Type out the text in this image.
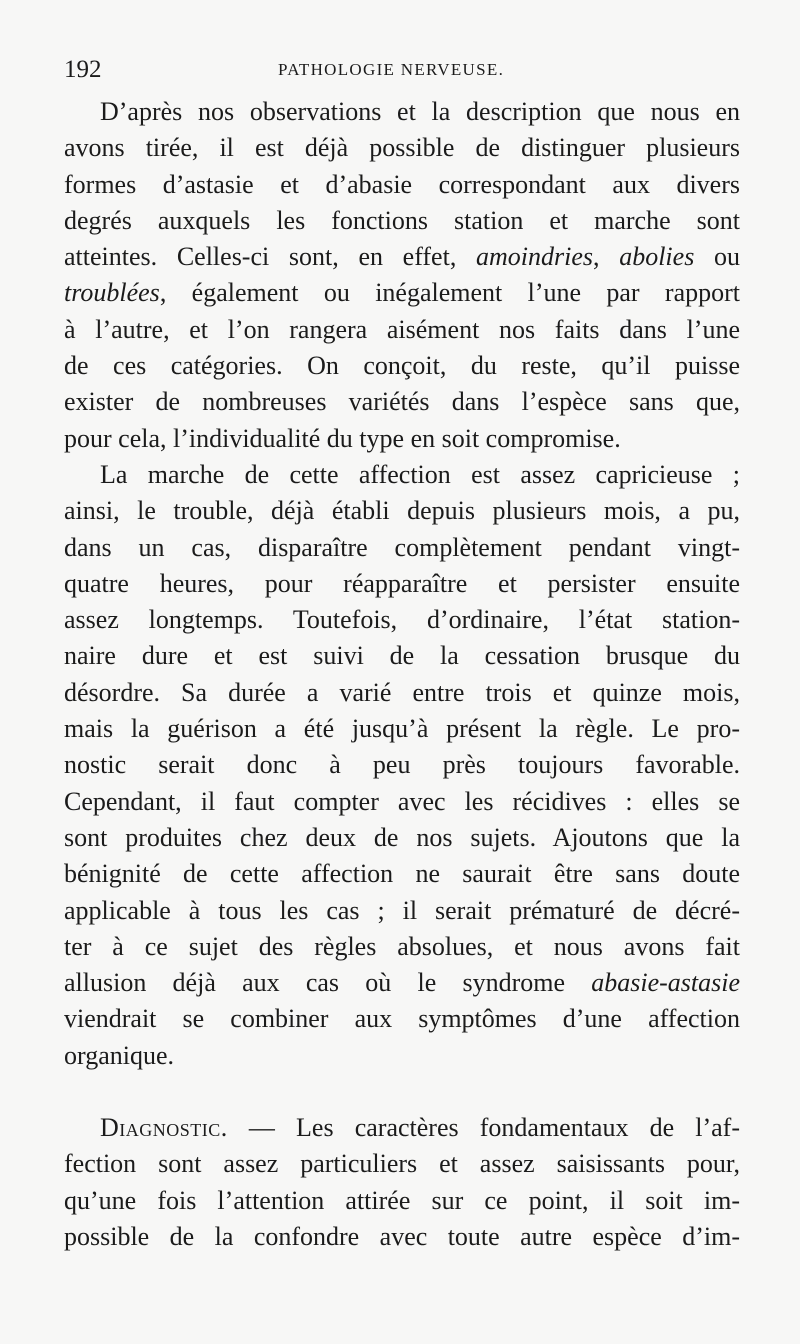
192	PATHOLOGIE NERVEUSE.
D’après nos observations et la description que nous en
avons tirée, il est déjà possible de distinguer plusieurs
formes d’astasie et d’abasie correspondant aux divers
degrés auxquels les fonctions station et marche sont
atteintes. Celles-ci sont, en effet, amoindries, abolies ou
troublées, également ou inégalement l’une par rapport
à l’autre, et l’on rangera aisément nos faits dans l’une
de ces catégories. On conçoit, du reste, qu’il puisse
exister de nombreuses variétés dans l’espèce sans que,
pour cela, l’individualité du type en soit compromise.
La marche de cette affection est assez capricieuse ;
ainsi, le trouble, déjà établi depuis plusieurs mois, a pu,
dans un cas, disparaître complètement pendant vingt-
quatre heures, pour réapparaître et persister ensuite
assez longtemps. Toutefois, d’ordinaire, l’état station-
naire dure et est suivi de la cessation brusque du
désordre. Sa durée a varié entre trois et quinze mois,
mais la guérison a été jusqu’à présent la règle. Le pro-
nostic serait donc à peu près toujours favorable.
Cependant, il faut compter avec les récidives : elles se
sont produites chez deux de nos sujets. Ajoutons que la
bénignité de cette affection ne saurait être sans doute
applicable à tous les cas ; il serait prématuré de décré-
ter à ce sujet des règles absolues, et nous avons fait
allusion déjà aux cas où le syndrome abasie-astasie
viendrait se combiner aux symptômes d’une affection
organique.
Diagnostic. — Les caractères fondamentaux de l’af-
fection sont assez particuliers et assez saisissants pour,
qu’une fois l’attention attirée sur ce point, il soit im-
possible de la confondre avec toute autre espèce d’im-
